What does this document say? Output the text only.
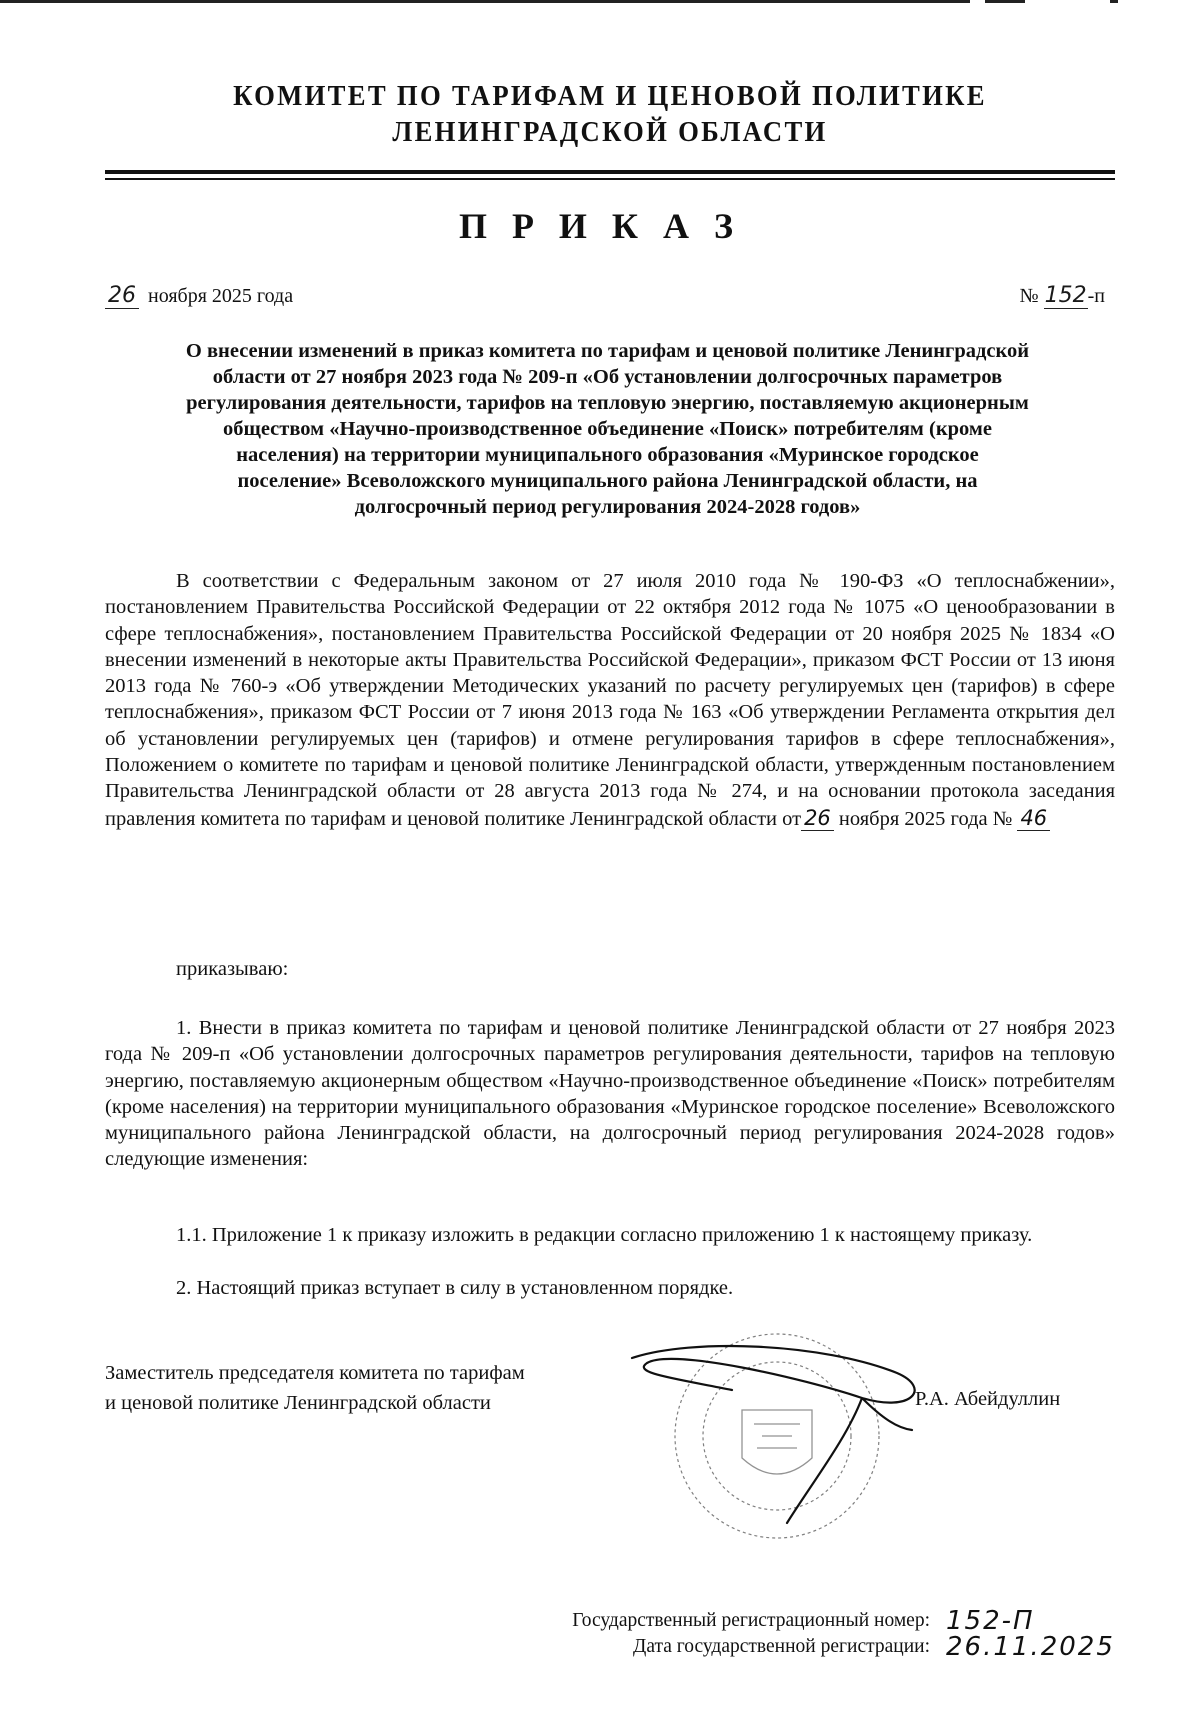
КОМИТЕТ ПО ТАРИФАМ И ЦЕНОВОЙ ПОЛИТИКЕ
ЛЕНИНГРАДСКОЙ ОБЛАСТИ
П Р И К А З
26 ноября 2025 года	№ 152-п
О внесении изменений в приказ комитета по тарифам и ценовой политике Ленинградской
области от 27 ноября 2023 года № 209-п «Об установлении долгосрочных параметров
регулирования деятельности, тарифов на тепловую энергию, поставляемую акционерным
обществом «Научно-производственное объединение «Поиск» потребителям (кроме
населения) на территории муниципального образования «Муринское городское
поселение» Всеволожского муниципального района Ленинградской области, на
долгосрочный период регулирования 2024-2028 годов»
В соответствии с Федеральным законом от 27 июля 2010 года № 190-ФЗ «О теплоснабжении», постановлением Правительства Российской Федерации от 22 октября 2012 года № 1075 «О ценообразовании в сфере теплоснабжения», постановлением Правительства Российской Федерации от 20 ноября 2025 № 1834 «О внесении изменений в некоторые акты Правительства Российской Федерации», приказом ФСТ России от 13 июня 2013 года № 760-э «Об утверждении Методических указаний по расчету регулируемых цен (тарифов) в сфере теплоснабжения», приказом ФСТ России от 7 июня 2013 года № 163 «Об утверждении Регламента открытия дел об установлении регулируемых цен (тарифов) и отмене регулирования тарифов в сфере теплоснабжения», Положением о комитете по тарифам и ценовой политике Ленинградской области, утвержденным постановлением Правительства Ленинградской области от 28 августа 2013 года № 274, и на основании протокола заседания правления комитета по тарифам и ценовой политике Ленинградской области от 26 ноября 2025 года № 46
приказываю:
1. Внести в приказ комитета по тарифам и ценовой политике Ленинградской области от 27 ноября 2023 года № 209-п «Об установлении долгосрочных параметров регулирования деятельности, тарифов на тепловую энергию, поставляемую акционерным обществом «Научно-производственное объединение «Поиск» потребителям (кроме населения) на территории муниципального образования «Муринское городское поселение» Всеволожского муниципального района Ленинградской области, на долгосрочный период регулирования 2024-2028 годов» следующие изменения:
1.1. Приложение 1 к приказу изложить в редакции согласно приложению 1 к настоящему приказу.
2. Настоящий приказ вступает в силу в установленном порядке.
Заместитель председателя комитета по тарифам
и ценовой политике Ленинградской области	Р.А. Абейдуллин
Государственный регистрационный номер: 152-П
Дата государственной регистрации: 26.11.2025
